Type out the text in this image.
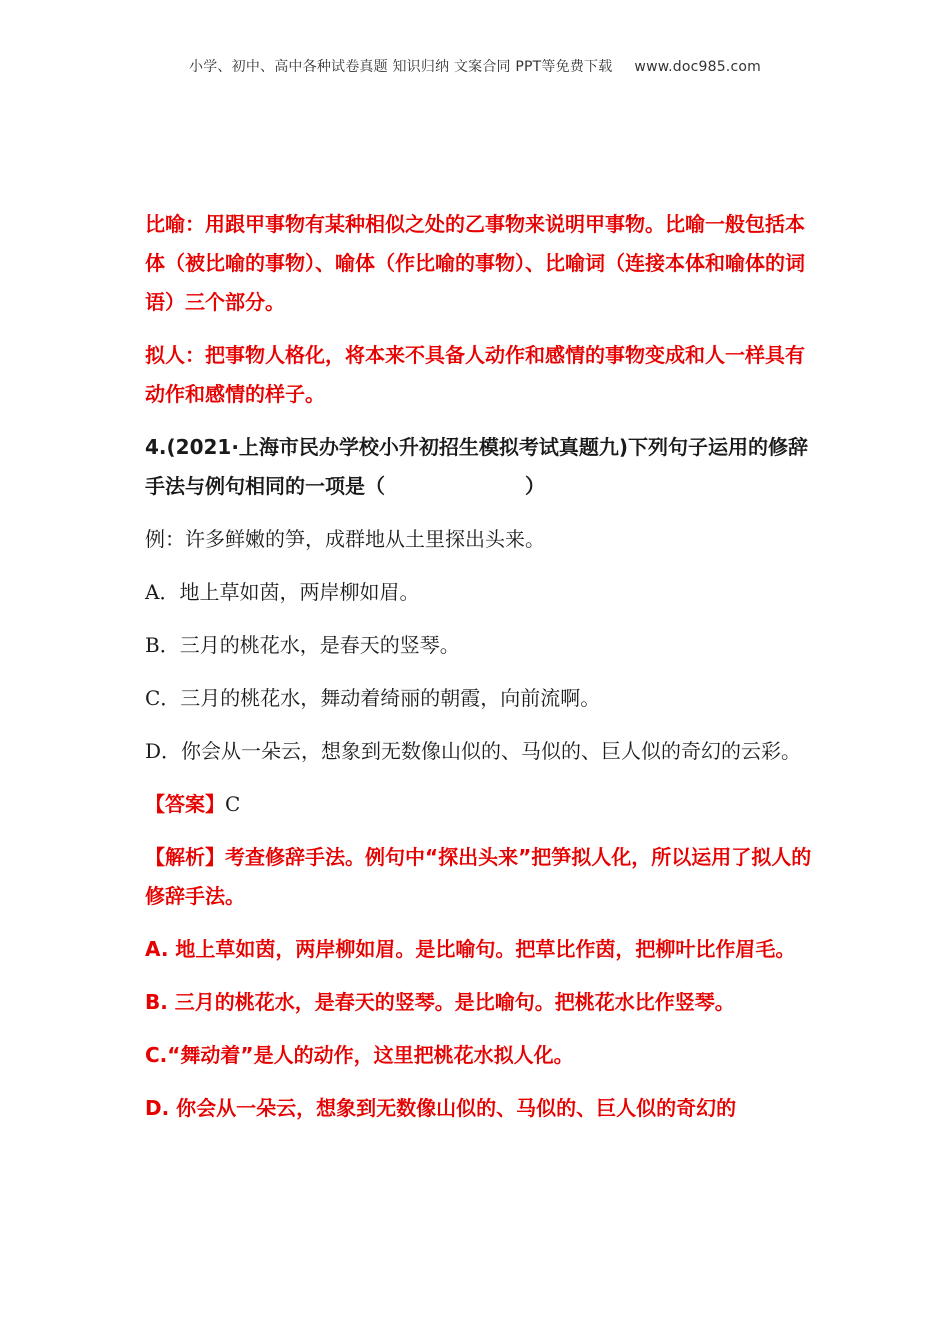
小学、初中、高中各种试卷真题 知识归纳 文案合同 PPT等免费下载 www.doc985.com

比喻：用跟甲事物有某种相似之处的乙事物来说明甲事物。比喻一般包括本体（被比喻的事物）、喻体（作比喻的事物）、比喻词（连接本体和喻体的词语）三个部分。

拟人：把事物人格化，将本来不具备人动作和感情的事物变成和人一样具有动作和感情的样子。

4.(2021·上海市民办学校小升初招生模拟考试真题九)下列句子运用的修辞手法与例句相同的一项是（	）

例：许多鲜嫩的笋，成群地从土里探出头来。

A．地上草如茵，两岸柳如眉。

B．三月的桃花水，是春天的竖琴。

C．三月的桃花水，舞动着绮丽的朝霞，向前流啊。

D．你会从一朵云，想象到无数像山似的、马似的、巨人似的奇幻的云彩。

【答案】C

【解析】考查修辞手法。例句中“探出头来”把笋拟人化，所以运用了拟人的修辞手法。

A. 地上草如茵，两岸柳如眉。是比喻句。把草比作茵，把柳叶比作眉毛。

B. 三月的桃花水，是春天的竖琴。是比喻句。把桃花水比作竖琴。

C.“舞动着”是人的动作，这里把桃花水拟人化。

D. 你会从一朵云，想象到无数像山似的、马似的、巨人似的奇幻的
